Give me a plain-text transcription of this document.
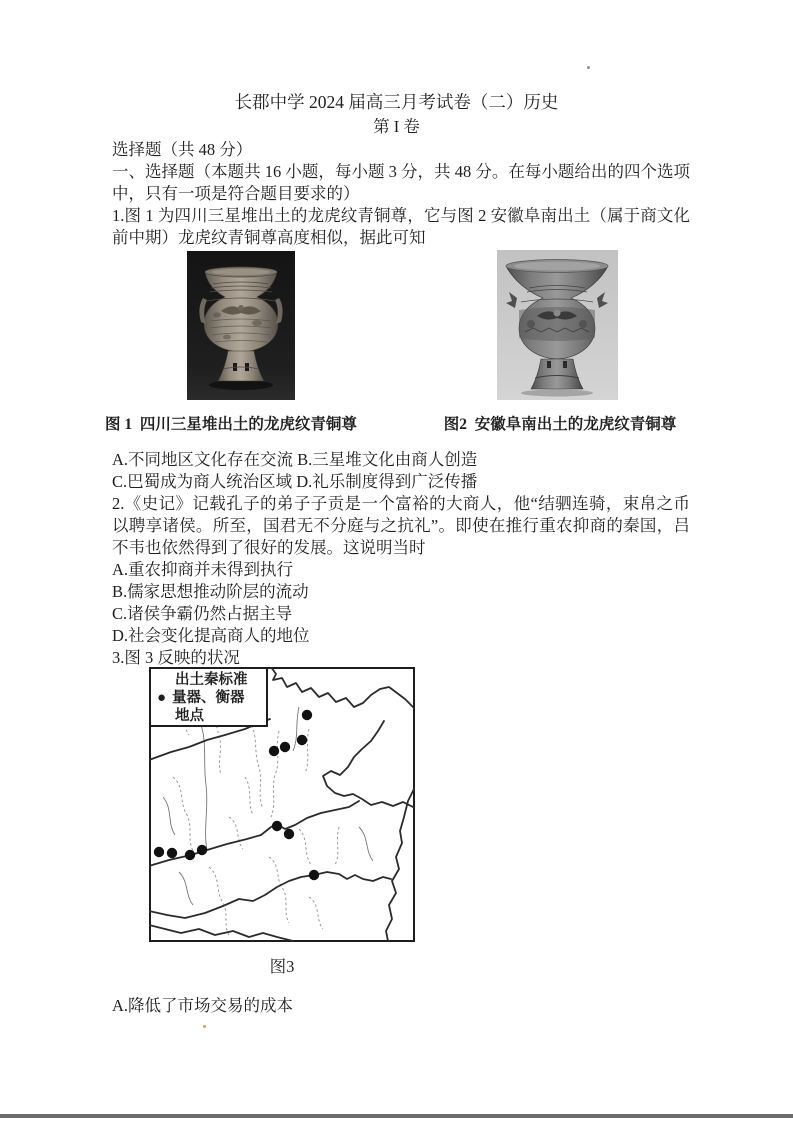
长郡中学 2024 届高三月考试卷（二）历史
第 I 卷
选择题（共 48 分）
一、选择题（本题共 16 小题，每小题 3 分，共 48 分。在每小题给出的四个选项
中，只有一项是符合题目要求的）
1.图 1 为四川三星堆出土的龙虎纹青铜尊，它与图 2 安徽阜南出土（属于商文化
前中期）龙虎纹青铜尊高度相似，据此可知
图 1  四川三星堆出土的龙虎纹青铜尊	图2  安徽阜南出土的龙虎纹青铜尊
A.不同地区文化存在交流 B.三星堆文化由商人创造
C.巴蜀成为商人统治区域 D.礼乐制度得到广泛传播
2.《史记》记载孔子的弟子子贡是一个富裕的大商人，他“结驷连骑，束帛之币
以聘享诸侯。所至，国君无不分庭与之抗礼”。即使在推行重农抑商的秦国，吕
不韦也依然得到了很好的发展。这说明当时
A.重农抑商并未得到执行
B.儒家思想推动阶层的流动
C.诸侯争霸仍然占据主导
D.社会变化提高商人的地位
3.图 3 反映的状况
出土秦标准
● 量器、衡器
地点
图3
A.降低了市场交易的成本
